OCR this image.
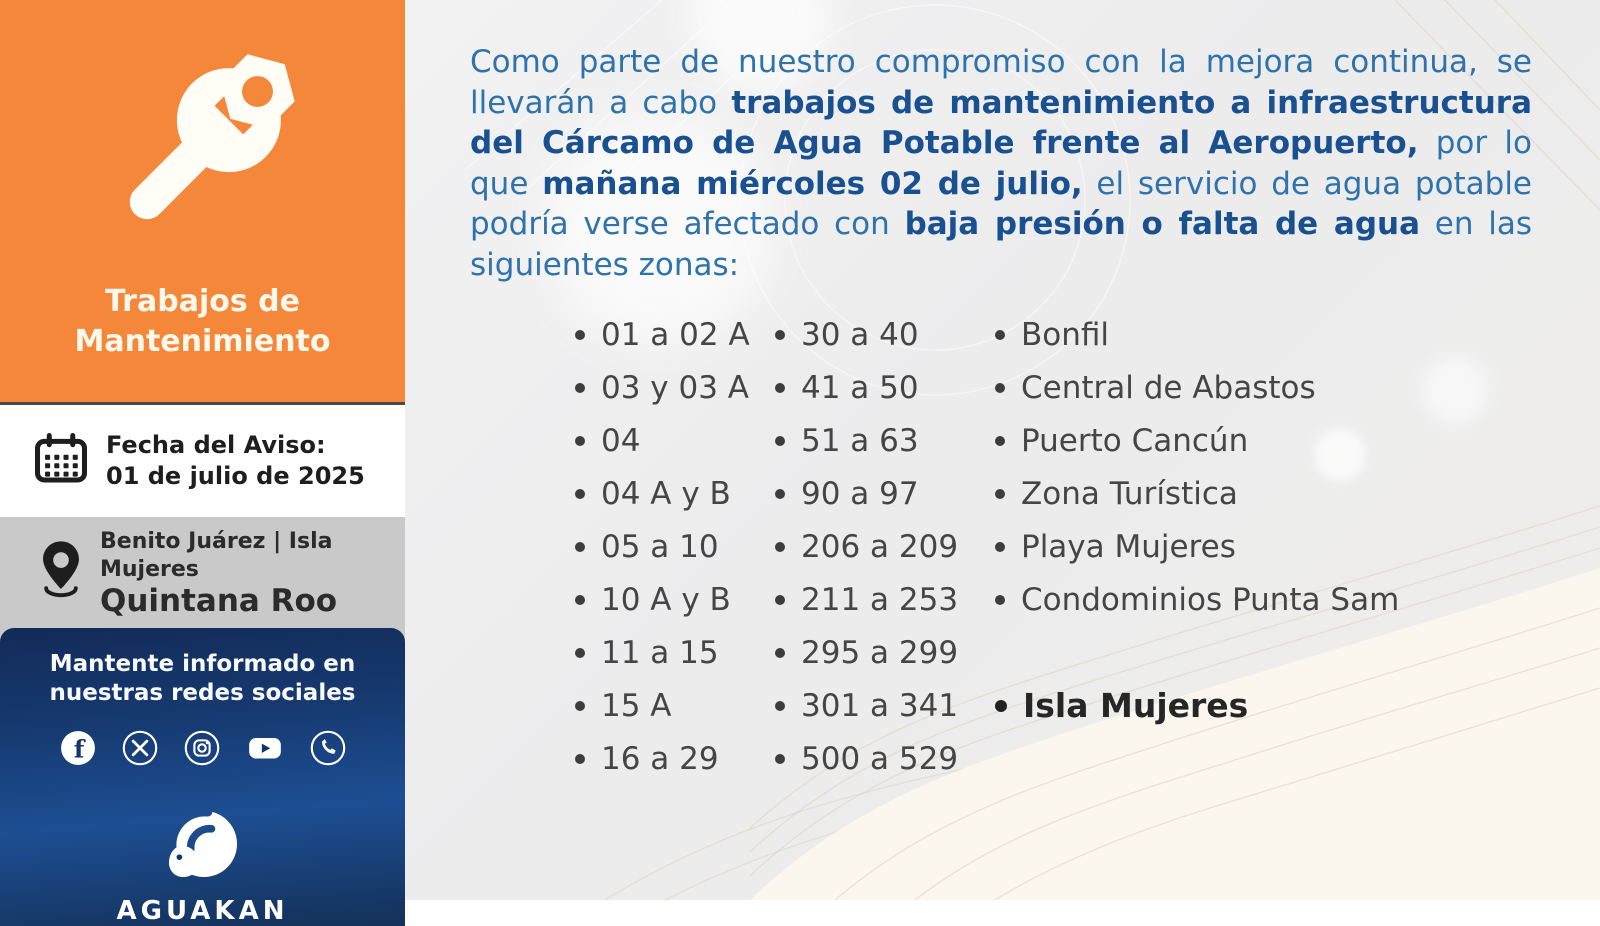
Trabajos de
Mantenimiento
Fecha del Aviso:
01 de julio de 2025
Benito Juárez | Isla Mujeres
Quintana Roo
Mantente informado en
nuestras redes sociales
f
AGUAKAN

Como parte de nuestro compromiso con la mejora continua, se llevarán a cabo trabajos de mantenimiento a infraestructura del Cárcamo de Agua Potable frente al Aeropuerto, por lo que mañana miércoles 02 de julio, el servicio de agua potable podría verse afectado con baja presión o falta de agua en las siguientes zonas:

01 a 02 A
03 y 03 A
04
04 A y B
05 a 10
10 A y B
11 a 15
15 A
16 a 29
30 a 40
41 a 50
51 a 63
90 a 97
206 a 209
211 a 253
295 a 299
301 a 341
500 a 529
Bonfil
Central de Abastos
Puerto Cancún
Zona Turística
Playa Mujeres
Condominios Punta Sam
Isla Mujeres
